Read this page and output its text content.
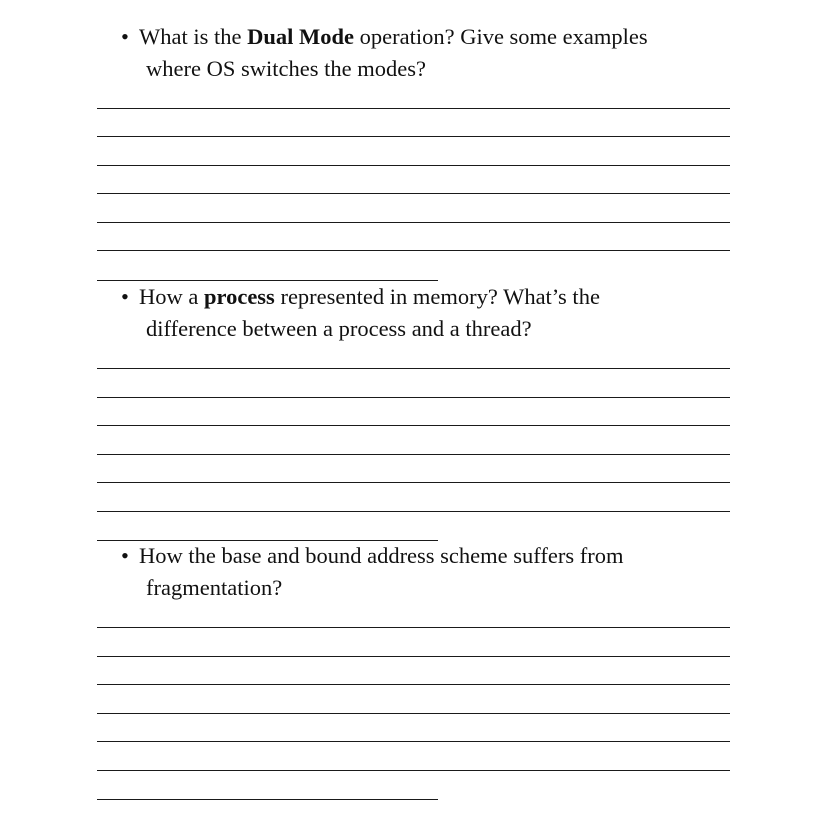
• What is the Dual Mode operation? Give some examples
where OS switches the modes?

• How a process represented in memory? What’s the
difference between a process and a thread?

• How the base and bound address scheme suffers from
fragmentation?
